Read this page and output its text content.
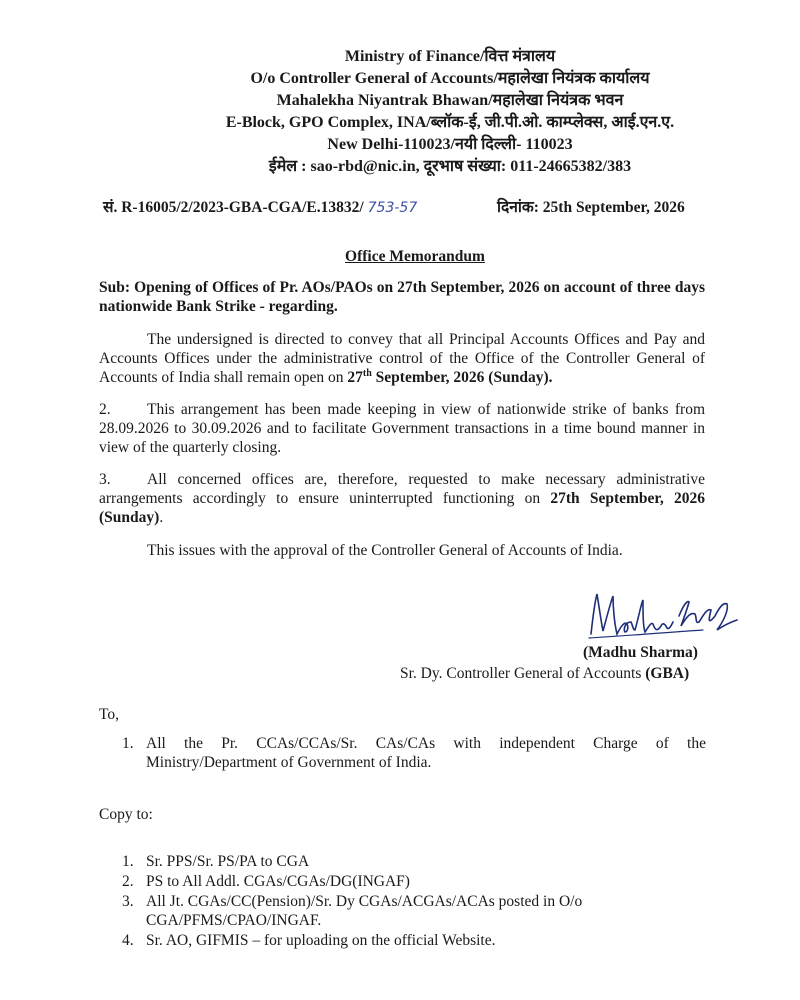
Ministry of Finance/वित्त मंत्रालय
O/o Controller General of Accounts/महालेखा नियंत्रक कार्यालय
Mahalekha Niyantrak Bhawan/महालेखा नियंत्रक भवन
E-Block, GPO Complex, INA/ब्लॉक-ई, जी.पी.ओ. काम्प्लेक्स, आई.एन.ए.
New Delhi-110023/नयी दिल्ली- 110023
ईमेल : sao-rbd@nic.in, दूरभाष संख्या: 011-24665382/383
सं. R-16005/2/2023-GBA-CGA/E.13832/ 753-57	दिनांक: 25th September, 2026
Office Memorandum
Sub: Opening of Offices of Pr. AOs/PAOs on 27th September, 2026 on account of three days nationwide Bank Strike - regarding.
The undersigned is directed to convey that all Principal Accounts Offices and Pay and Accounts Offices under the administrative control of the Office of the Controller General of Accounts of India shall remain open on 27th September, 2026 (Sunday).
2. This arrangement has been made keeping in view of nationwide strike of banks from 28.09.2026 to 30.09.2026 and to facilitate Government transactions in a time bound manner in view of the quarterly closing.
3. All concerned offices are, therefore, requested to make necessary administrative arrangements accordingly to ensure uninterrupted functioning on 27th September, 2026 (Sunday).
This issues with the approval of the Controller General of Accounts of India.
(Madhu Sharma)
Sr. Dy. Controller General of Accounts (GBA)
To,
1. All the Pr. CCAs/CCAs/Sr. CAs/CAs with independent Charge of the Ministry/Department of Government of India.
Copy to:
1. Sr. PPS/Sr. PS/PA to CGA
2. PS to All Addl. CGAs/CGAs/DG(INGAF)
3. All Jt. CGAs/CC(Pension)/Sr. Dy CGAs/ACGAs/ACAs posted in O/o CGA/PFMS/CPAO/INGAF.
4. Sr. AO, GIFMIS – for uploading on the official Website.
